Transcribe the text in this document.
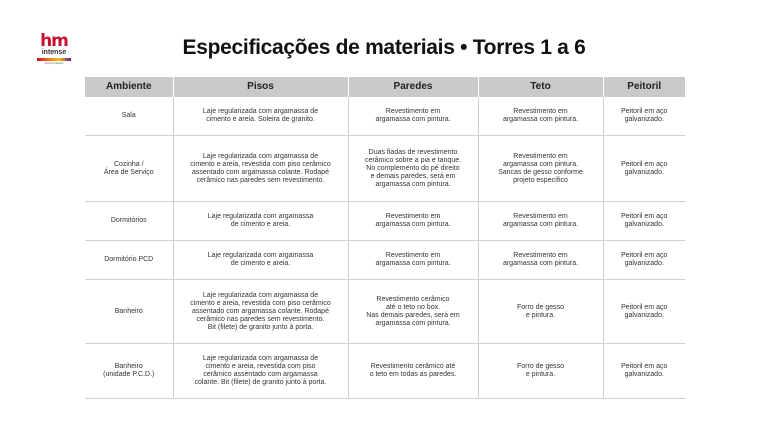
hm
intense
incorporadora
Especificações de materiais • Torres 1 a 6
Ambiente	Pisos	Paredes	Teto	Peitoril

Sala	Laje regularizada com argamassa de
cimento e areia. Soleira de granito.	Revestimento em
argamassa com pintura.	Revestimento em
argamassa com pintura.	Peitoril em aço
galvanizado.

Cozinha /
Área de Serviço	Laje regularizada com argamassa de
cimento e areia, revestida com piso cerâmico
assentado com argamassa colante. Rodapé
cerâmico nas paredes sem revestimento.	Duas fiadas de revestimento
cerâmico sobre a pia e tanque.
No complemento do pé direito
e demais paredes, será em
argamassa com pintura.	Revestimento em
argamassa com pintura.
Sancas de gesso conforme
projeto específico	Peitoril em aço
galvanizado.

Dormitórios	Laje regularizada com argamassa
de cimento e areia.	Revestimento em
argamassa com pintura.	Revestimento em
argamassa com pintura.	Peitoril em aço
galvanizado.

Dormitório PCD	Laje regularizada com argamassa
de cimento e areia.	Revestimento em
argamassa com pintura.	Revestimento em
argamassa com pintura.	Peitoril em aço
galvanizado.

Banheiro	Laje regularizada com argamassa de
cimento e areia, revestida com piso cerâmico
assentado com argamassa colante. Rodapé
cerâmico nas paredes sem revestimento.
Bit (filete) de granito junto à porta.	Revestimento cerâmico
até o teto no box.
Nas demais paredes, será em
argamassa com pintura.	Forro de gesso
e pintura.	Peitoril em aço
galvanizado.

Banheiro
(unidade P.C.D.)	Laje regularizada com argamassa de
cimento e areia, revestida com piso
cerâmico assentado com argamassa
colante. Bit (filete) de granito junto à porta.	Revestimento cerâmico até
o teto em todas as paredes.	Forro de gesso
e pintura.	Peitoril em aço
galvanizado.
